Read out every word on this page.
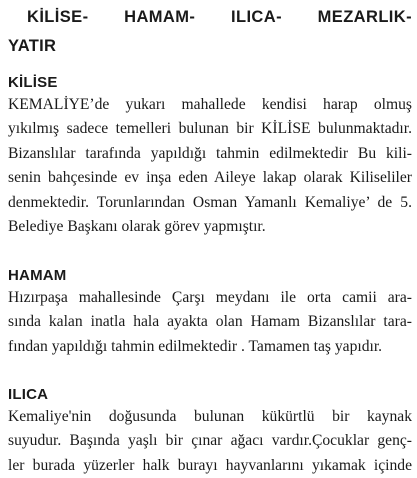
KİLİSE- HAMAM- ILICA- MEZARLIK-
YATIR
KİLİSE
KEMALİYE’de yukarı mahallede kendisi harap olmuş
yıkılmış sadece temelleri bulunan bir KİLİSE bulunmaktadır.
Bizanslılar tarafında yapıldığı tahmin edilmektedir Bu kili-
senin bahçesinde ev inşa eden Aileye lakap olarak Kiliseliler
denmektedir. Torunlarından Osman Yamanlı Kemaliye’ de 5.
Belediye Başkanı olarak görev yapmıştır.
HAMAM
Hızırpaşa mahallesinde Çarşı meydanı ile orta camii ara-
sında kalan inatla hala ayakta olan Hamam Bizanslılar tara-
fından yapıldığı tahmin edilmektedir . Tamamen taş yapıdır.
ILICA
Kemaliye'nin doğusunda bulunan kükürtlü bir kaynak
suyudur. Başında yaşlı bir çınar ağacı vardır.Çocuklar genç-
ler burada yüzerler halk burayı hayvanlarını yıkamak içinde
